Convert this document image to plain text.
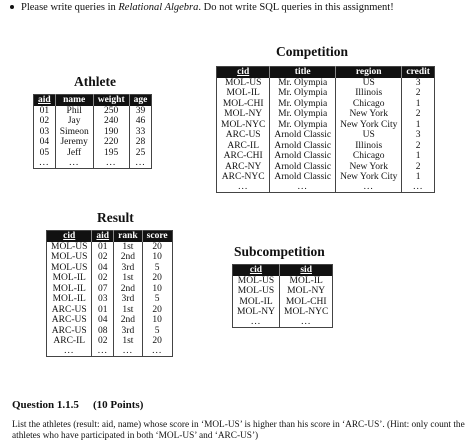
Please write queries in Relational Algebra. Do not write SQL queries in this assignment!
Competition
cid	title	region	credit
MOL-US	Mr. Olympia	US	3
MOL-IL	Mr. Olympia	Illinois	2
MOL-CHI	Mr. Olympia	Chicago	1
MOL-NY	Mr. Olympia	New York	2
MOL-NYC	Mr. Olympia	New York City	1
ARC-US	Arnold Classic	US	3
ARC-IL	Arnold Classic	Illinois	2
ARC-CHI	Arnold Classic	Chicago	1
ARC-NY	Arnold Classic	New York	2
ARC-NYC	Arnold Classic	New York City	1
...	...	...	...
Athlete
aid	name	weight	age
01	Phil	250	39
02	Jay	240	46
03	Simeon	190	33
04	Jeremy	220	28
05	Jeff	195	25
...	...	...	...
Result
cid	aid	rank	score
MOL-US	01	1st	20
MOL-US	02	2nd	10
MOL-US	04	3rd	5
MOL-IL	02	1st	20
MOL-IL	07	2nd	10
MOL-IL	03	3rd	5
ARC-US	01	1st	20
ARC-US	04	2nd	10
ARC-US	08	3rd	5
ARC-IL	02	1st	20
...	...	...	...
Subcompetition
cid	sid
MOL-US	MOL-IL
MOL-US	MOL-NY
MOL-IL	MOL-CHI
MOL-NY	MOL-NYC
...	...
Question 1.1.5 (10 Points)
List the athletes (result: aid, name) whose score in ‘MOL-US’ is higher than his score in ‘ARC-US’. (Hint: only count the athletes who have participated in both ‘MOL-US’ and ‘ARC-US’)
